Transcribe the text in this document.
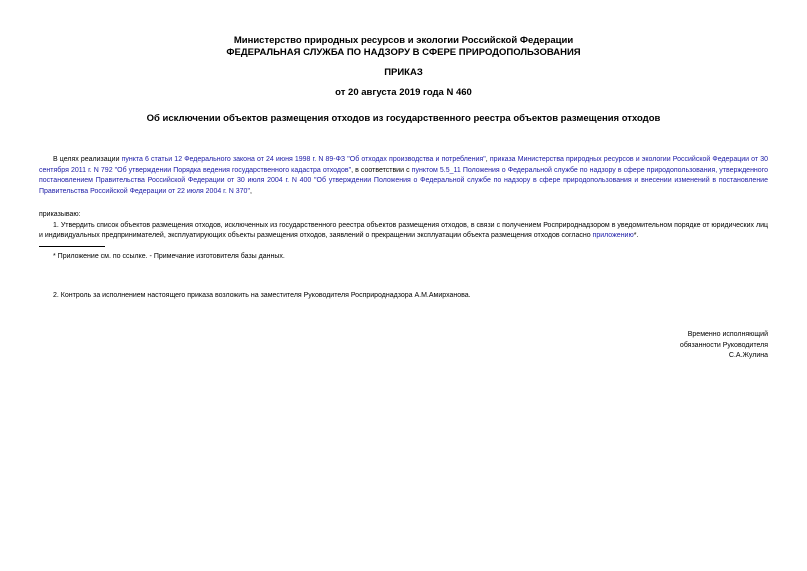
Министерство природных ресурсов и экологии Российской Федерации
ФЕДЕРАЛЬНАЯ СЛУЖБА ПО НАДЗОРУ В СФЕРЕ ПРИРОДОПОЛЬЗОВАНИЯ
ПРИКАЗ
от 20 августа 2019 года N 460
Об исключении объектов размещения отходов из государственного реестра объектов размещения отходов

В целях реализации пункта 6 статьи 12 Федерального закона от 24 июня 1998 г. N 89-ФЗ "Об отходах производства и потребления", приказа Министерства природных ресурсов и экологии Российской Федерации от 30 сентября 2011 г. N 792 "Об утверждении Порядка ведения государственного кадастра отходов", в соответствии с пунктом 5.5_11 Положения о Федеральной службе по надзору в сфере природопользования, утвержденного постановлением Правительства Российской Федерации от 30 июля 2004 г. N 400 "Об утверждении Положения о Федеральной службе по надзору в сфере природопользования и внесении изменений в постановление Правительства Российской Федерации от 22 июля 2004 г. N 370",

приказываю:

1. Утвердить список объектов размещения отходов, исключенных из государственного реестра объектов размещения отходов, в связи с получением Росприроднадзором в уведомительном порядке от юридических лиц и индивидуальных предпринимателей, эксплуатирующих объекты размещения отходов, заявлений о прекращении эксплуатации объекта размещения отходов согласно приложению*.

* Приложение см. по ссылке. - Примечание изготовителя базы данных.

2. Контроль за исполнением настоящего приказа возложить на заместителя Руководителя Росприроднадзора А.М.Амирханова.
Временно исполняющий
обязанности Руководителя
С.А.Жулина
